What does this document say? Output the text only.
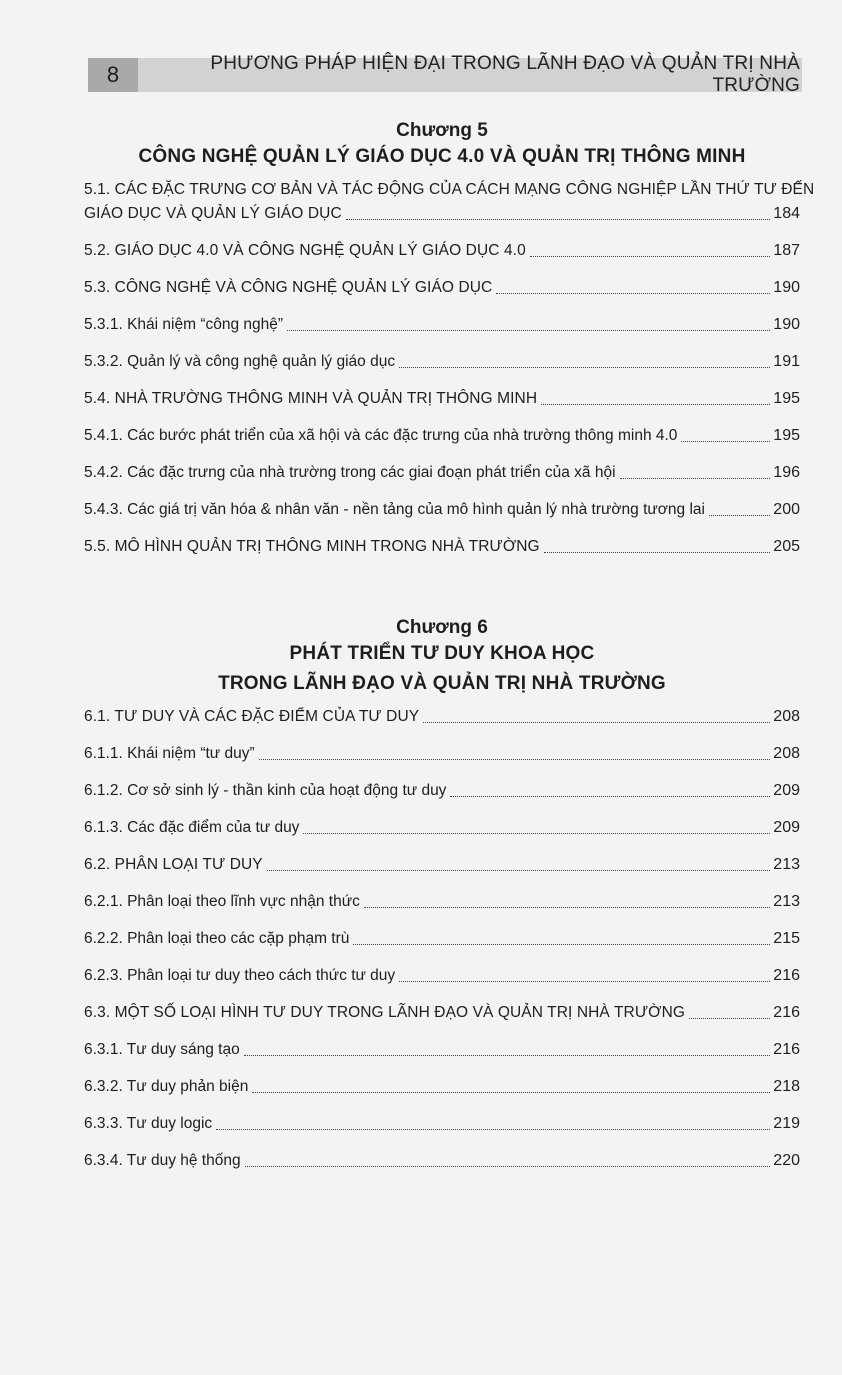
8	PHƯƠNG PHÁP HIỆN ĐẠI TRONG LÃNH ĐẠO VÀ QUẢN TRỊ NHÀ TRƯỜNG
Chương 5
CÔNG NGHỆ QUẢN LÝ GIÁO DỤC 4.0 VÀ QUẢN TRỊ THÔNG MINH
5.1. CÁC ĐẶC TRƯNG CƠ BẢN VÀ TÁC ĐỘNG CỦA CÁCH MẠNG CÔNG NGHIỆP LẦN THỨ TƯ ĐẾN
GIÁO DỤC VÀ QUẢN LÝ GIÁO DỤC	184
5.2. GIÁO DỤC 4.0 VÀ CÔNG NGHỆ QUẢN LÝ GIÁO DỤC 4.0	187
5.3. CÔNG NGHỆ VÀ CÔNG NGHỆ QUẢN LÝ GIÁO DỤC	190
5.3.1. Khái niệm “công nghệ”	190
5.3.2. Quản lý và công nghệ quản lý giáo dục	191
5.4. NHÀ TRƯỜNG THÔNG MINH VÀ QUẢN TRỊ THÔNG MINH	195
5.4.1. Các bước phát triển của xã hội và các đặc trưng của nhà trường thông minh 4.0	195
5.4.2. Các đặc trưng của nhà trường trong các giai đoạn phát triển của xã hội	196
5.4.3. Các giá trị văn hóa & nhân văn - nền tảng của mô hình quản lý nhà trường tương lai	200
5.5. MÔ HÌNH QUẢN TRỊ THÔNG MINH TRONG NHÀ TRƯỜNG	205
Chương 6
PHÁT TRIỂN TƯ DUY KHOA HỌC
TRONG LÃNH ĐẠO VÀ QUẢN TRỊ NHÀ TRƯỜNG
6.1. TƯ DUY VÀ CÁC ĐẶC ĐIỂM CỦA TƯ DUY	208
6.1.1. Khái niệm “tư duy”	208
6.1.2. Cơ sở sinh lý - thần kinh của hoạt động tư duy	209
6.1.3. Các đặc điểm của tư duy	209
6.2. PHÂN LOẠI TƯ DUY	213
6.2.1. Phân loại theo lĩnh vực nhận thức	213
6.2.2. Phân loại theo các cặp phạm trù	215
6.2.3. Phân loại tư duy theo cách thức tư duy	216
6.3. MỘT SỐ LOẠI HÌNH TƯ DUY TRONG LÃNH ĐẠO VÀ QUẢN TRỊ NHÀ TRƯỜNG	216
6.3.1. Tư duy sáng tạo	216
6.3.2. Tư duy phản biện	218
6.3.3. Tư duy logic	219
6.3.4. Tư duy hệ thống	220
